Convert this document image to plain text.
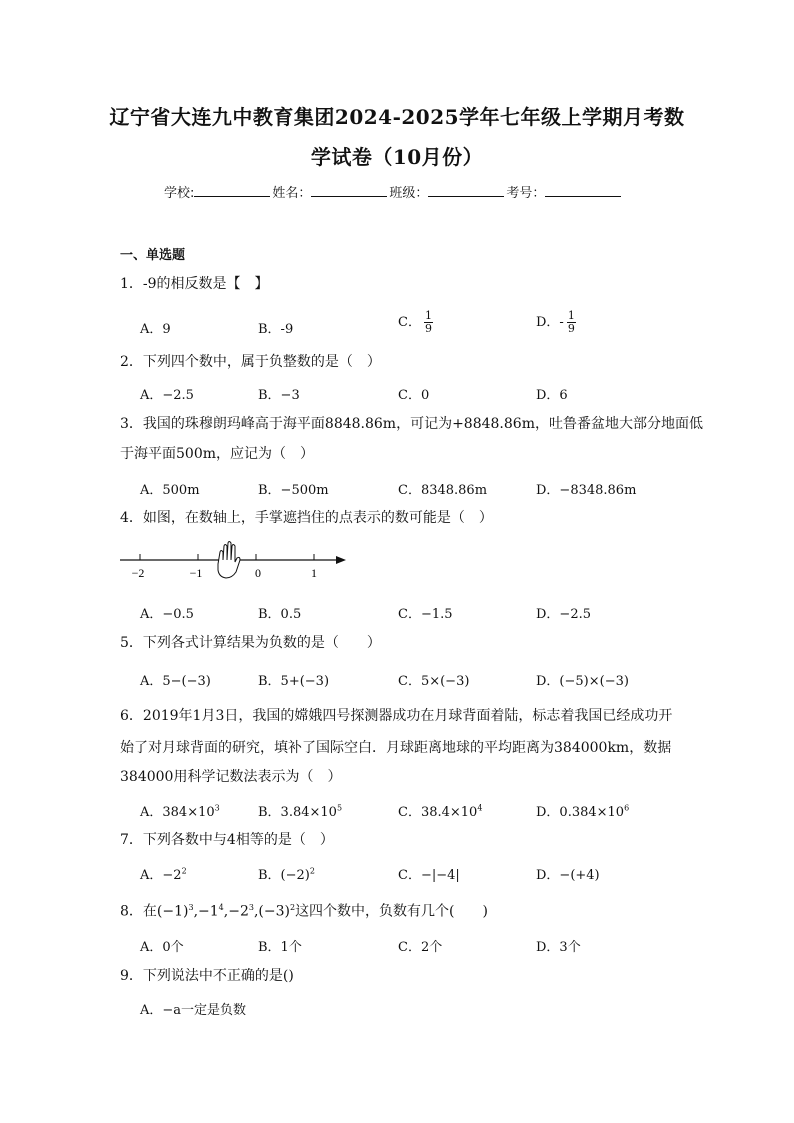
辽宁省大连九中教育集团2024-2025学年七年级上学期月考数
学试卷（10月份）
学校:	姓名：	班级：	考号：
一、单选题
1．-9的相反数是【　】
A．9	B．-9	C． $\frac{1}{9}$	D．- $\frac{1}{9}$
2．下列四个数中，属于负整数的是（　）
A．−2.5	B．−3	C．0	D．6
3．我国的珠穆朗玛峰高于海平面8848.86m，可记为+8848.86m，吐鲁番盆地大部分地面低
于海平面500m，应记为（　）
A．500m	B．−500m	C．8348.86m	D．−8348.86m
4．如图，在数轴上，手掌遮挡住的点表示的数可能是（　）
−2	−1	0	1
A．−0.5	B．0.5	C．−1.5	D．−2.5
5．下列各式计算结果为负数的是（　　）
A．5−(−3)	B．5+(−3)	C．5×(−3)	D．(−5)×(−3)
6．2019年1月3日，我国的嫦娥四号探测器成功在月球背面着陆，标志着我国已经成功开
始了对月球背面的研究，填补了国际空白．月球距离地球的平均距离为384000km，数据
384000用科学记数法表示为（　）
A．$384\times 10^3$	B．$3.84\times 10^5$	C．$38.4\times 10^4$	D．$0.384\times 10^6$
7．下列各数中与4相等的是（　）
A．$-2^2$	B．$(-2)^2$	C．−|−4|	D．−(+4)
8．在$(-1)^3,-1^4,-2^3,(-3)^2$这四个数中，负数有几个(　　)
A．0个	B．1个	C．2个	D．3个
9．下列说法中不正确的是()
A．−a一定是负数
